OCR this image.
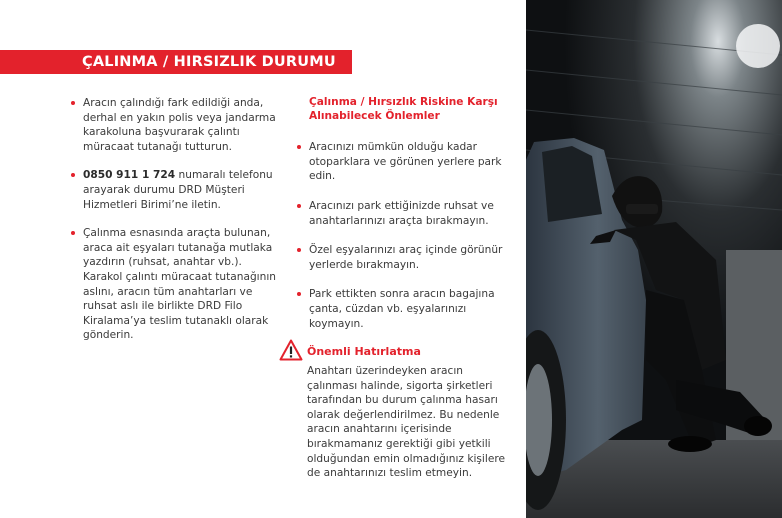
ÇALINMA / HIRSIZLIK DURUMU
Aracın çalındığı fark edildiği anda, derhal en yakın polis veya jandarma karakoluna başvurarak çalıntı müracaat tutanağı tutturun.
0850 911 1 724 numaralı telefonu arayarak durumu DRD Müşteri Hizmetleri Birimi’ne iletin.
Çalınma esnasında araçta bulunan, araca ait eşyaları tutanağa mutlaka yazdırın (ruhsat, anahtar vb.). Karakol çalıntı müracaat tutanağının aslını, aracın tüm anahtarları ve ruhsat aslı ile birlikte DRD Filo Kiralama’ya teslim tutanaklı olarak gönderin.
Çalınma / Hırsızlık Riskine Karşı Alınabilecek Önlemler
Aracınızı mümkün olduğu kadar otoparklara ve görünen yerlere park edin.
Aracınızı park ettiğinizde ruhsat ve anahtarlarınızı araçta bırakmayın.
Özel eşyalarınızı araç içinde görünür yerlerde bırakmayın.
Park ettikten sonra aracın bagajına çanta, cüzdan vb. eşyalarınızı koymayın.
Önemli Hatırlatma
Anahtarı üzerindeyken aracın çalınması halinde, sigorta şirketleri tarafından bu durum çalınma hasarı olarak değerlendirilmez. Bu nedenle aracın anahtarını içerisinde bırakmamanız gerektiği gibi yetkili olduğundan emin olmadığınız kişilere de anahtarınızı teslim etmeyin.
